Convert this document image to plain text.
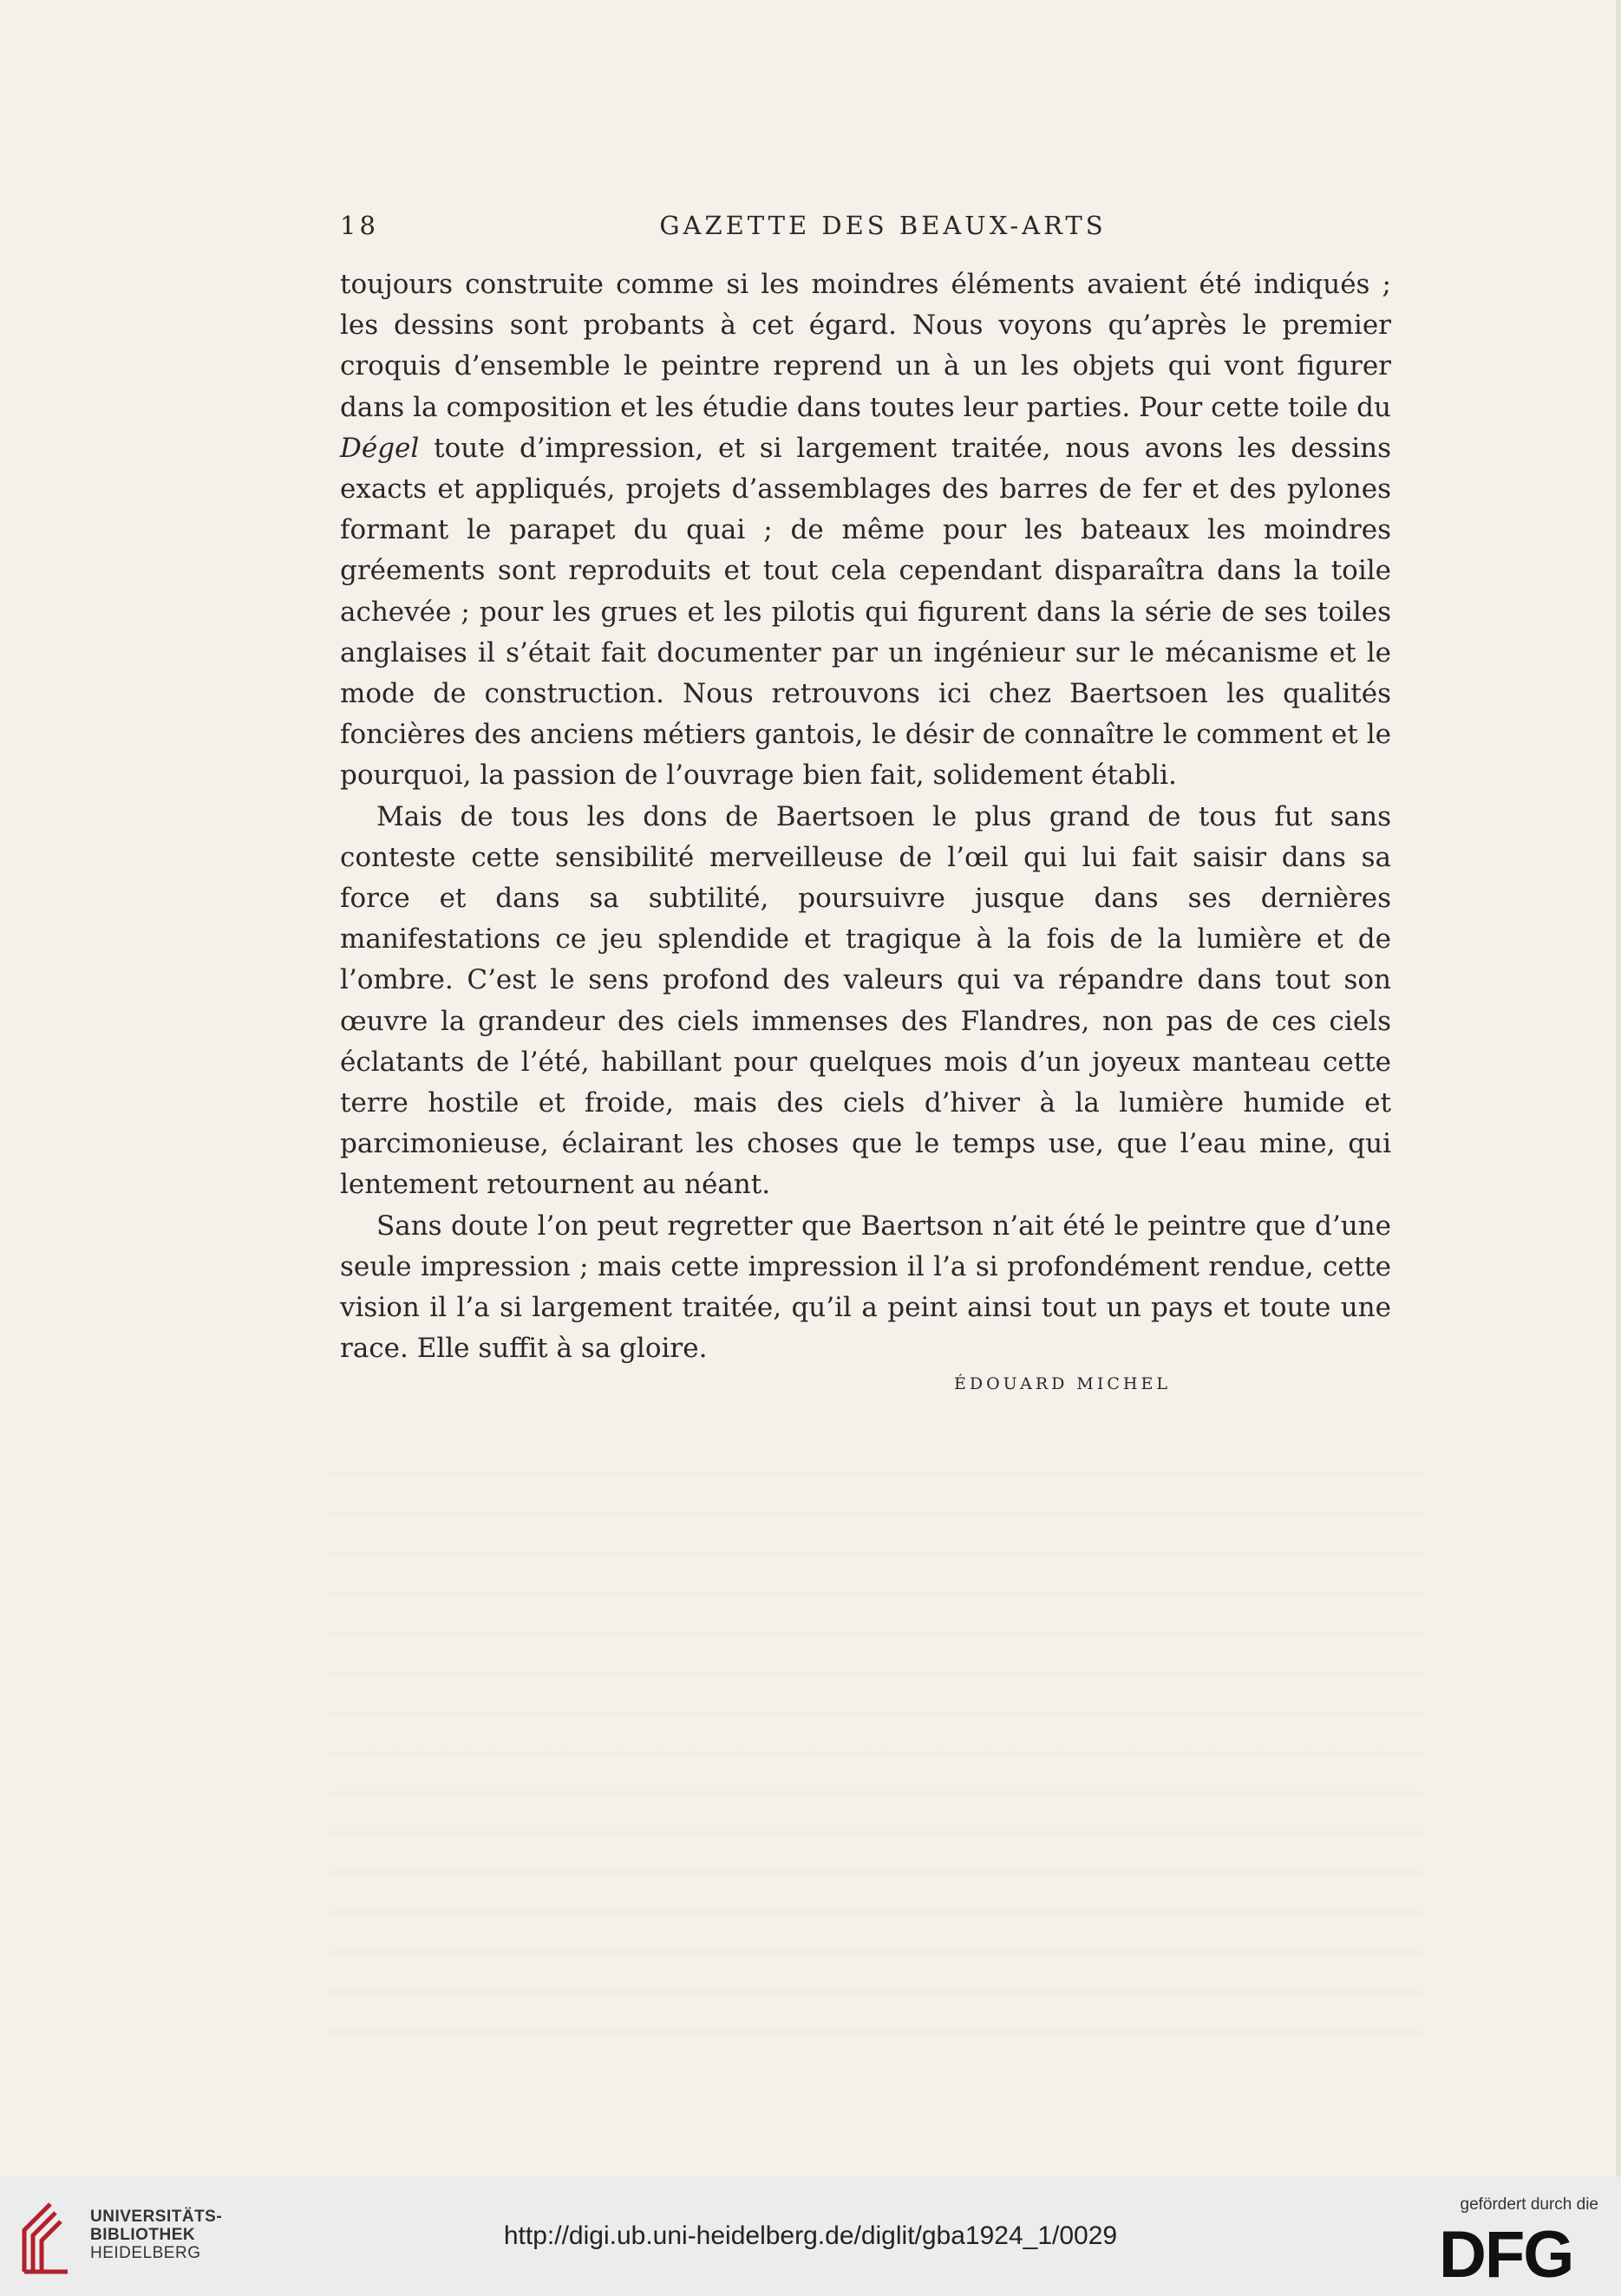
18	GAZETTE DES BEAUX-ARTS

toujours construite comme si les moindres éléments avaient été indiqués ; les dessins sont probants à cet égard. Nous voyons qu’après le premier croquis d’ensemble le peintre reprend un à un les objets qui vont figurer dans la composition et les étudie dans toutes leur parties. Pour cette toile du Dégel toute d’impression, et si largement traitée, nous avons les dessins exacts et appliqués, projets d’assemblages des barres de fer et des pylones formant le parapet du quai ; de même pour les bateaux les moindres gréements sont reproduits et tout cela cependant disparaîtra dans la toile achevée ; pour les grues et les pilotis qui figurent dans la série de ses toiles anglaises il s’était fait documenter par un ingénieur sur le mécanisme et le mode de construction. Nous retrouvons ici chez Baertsoen les qualités foncières des anciens métiers gantois, le désir de connaître le comment et le pourquoi, la passion de l’ouvrage bien fait, solidement établi.

Mais de tous les dons de Baertsoen le plus grand de tous fut sans conteste cette sensibilité merveilleuse de l’œil qui lui fait saisir dans sa force et dans sa subtilité, poursuivre jusque dans ses dernières manifestations ce jeu splendide et tragique à la fois de la lumière et de l’ombre. C’est le sens profond des valeurs qui va répandre dans tout son œuvre la grandeur des ciels immenses des Flandres, non pas de ces ciels éclatants de l’été, habillant pour quelques mois d’un joyeux manteau cette terre hostile et froide, mais des ciels d’hiver à la lumière humide et parcimonieuse, éclairant les choses que le temps use, que l’eau mine, qui lentement retournent au néant.

Sans doute l’on peut regretter que Baertson n’ait été le peintre que d’une seule impression ; mais cette impression il l’a si profondément rendue, cette vision il l’a si largement traitée, qu’il a peint ainsi tout un pays et toute une race. Elle suffit à sa gloire.

ÉDOUARD MICHEL
UNIVERSITÄTS-
BIBLIOTHEK
HEIDELBERG
http://digi.ub.uni-heidelberg.de/diglit/gba1924_1/0029
gefördert durch die
DFG
